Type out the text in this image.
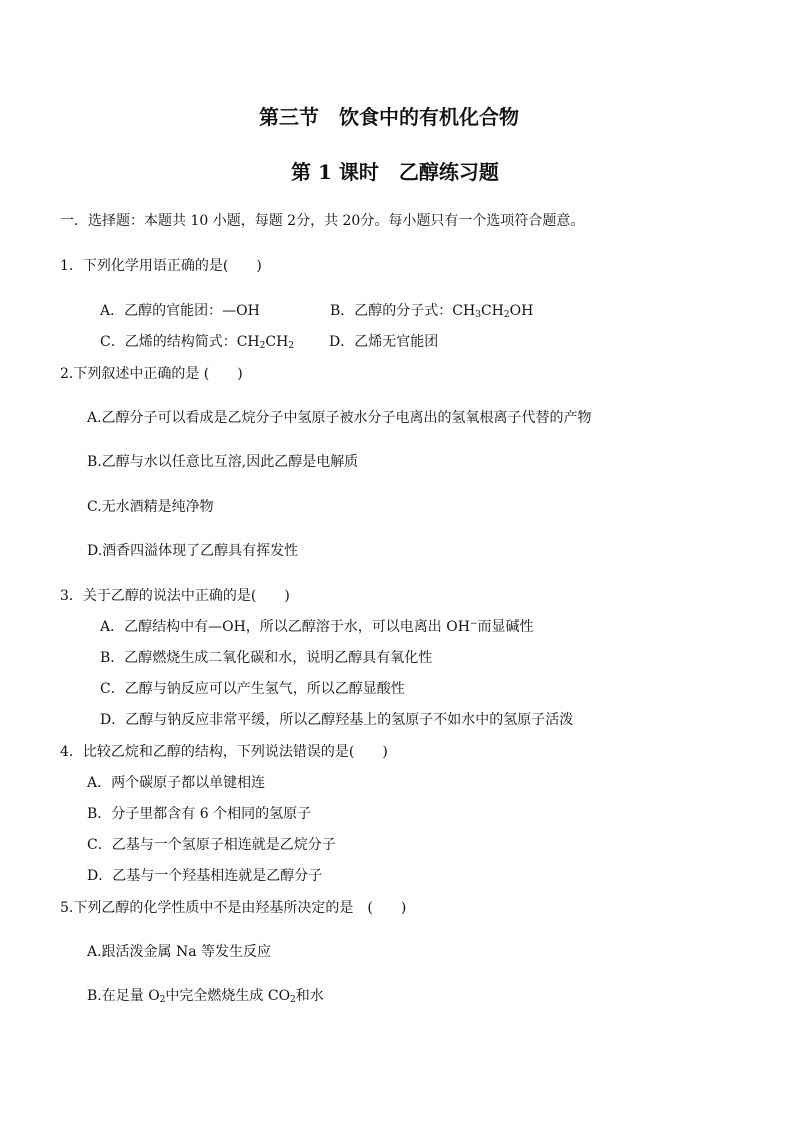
第三节　饮食中的有机化合物
第 1 课时　乙醇练习题
一．选择题：本题共 10 小题，每题 2分，共 20分。每小题只有一个选项符合题意。
1．下列化学用语正确的是(　　)
A．乙醇的官能团：—OH	B．乙醇的分子式：$CH_3CH_2OH$
C．乙烯的结构简式：$CH_2CH_2$ D．乙烯无官能团
2.下列叙述中正确的是 (　　)
A.乙醇分子可以看成是乙烷分子中氢原子被水分子电离出的氢氧根离子代替的产物
B.乙醇与水以任意比互溶,因此乙醇是电解质
C.无水酒精是纯净物
D.酒香四溢体现了乙醇具有挥发性
3．关于乙醇的说法中正确的是(　　)
A．乙醇结构中有—OH，所以乙醇溶于水，可以电离出 OH−而显碱性
B．乙醇燃烧生成二氧化碳和水，说明乙醇具有氧化性
C．乙醇与钠反应可以产生氢气，所以乙醇显酸性
D．乙醇与钠反应非常平缓，所以乙醇羟基上的氢原子不如水中的氢原子活泼
4．比较乙烷和乙醇的结构，下列说法错误的是(　　)
A．两个碳原子都以单键相连
B．分子里都含有 6 个相同的氢原子
C．乙基与一个氢原子相连就是乙烷分子
D．乙基与一个羟基相连就是乙醇分子
5.下列乙醇的化学性质中不是由羟基所决定的是　(　　)
A.跟活泼金属 Na 等发生反应
B.在足量 $O_2$中完全燃烧生成 $CO_2$和水
